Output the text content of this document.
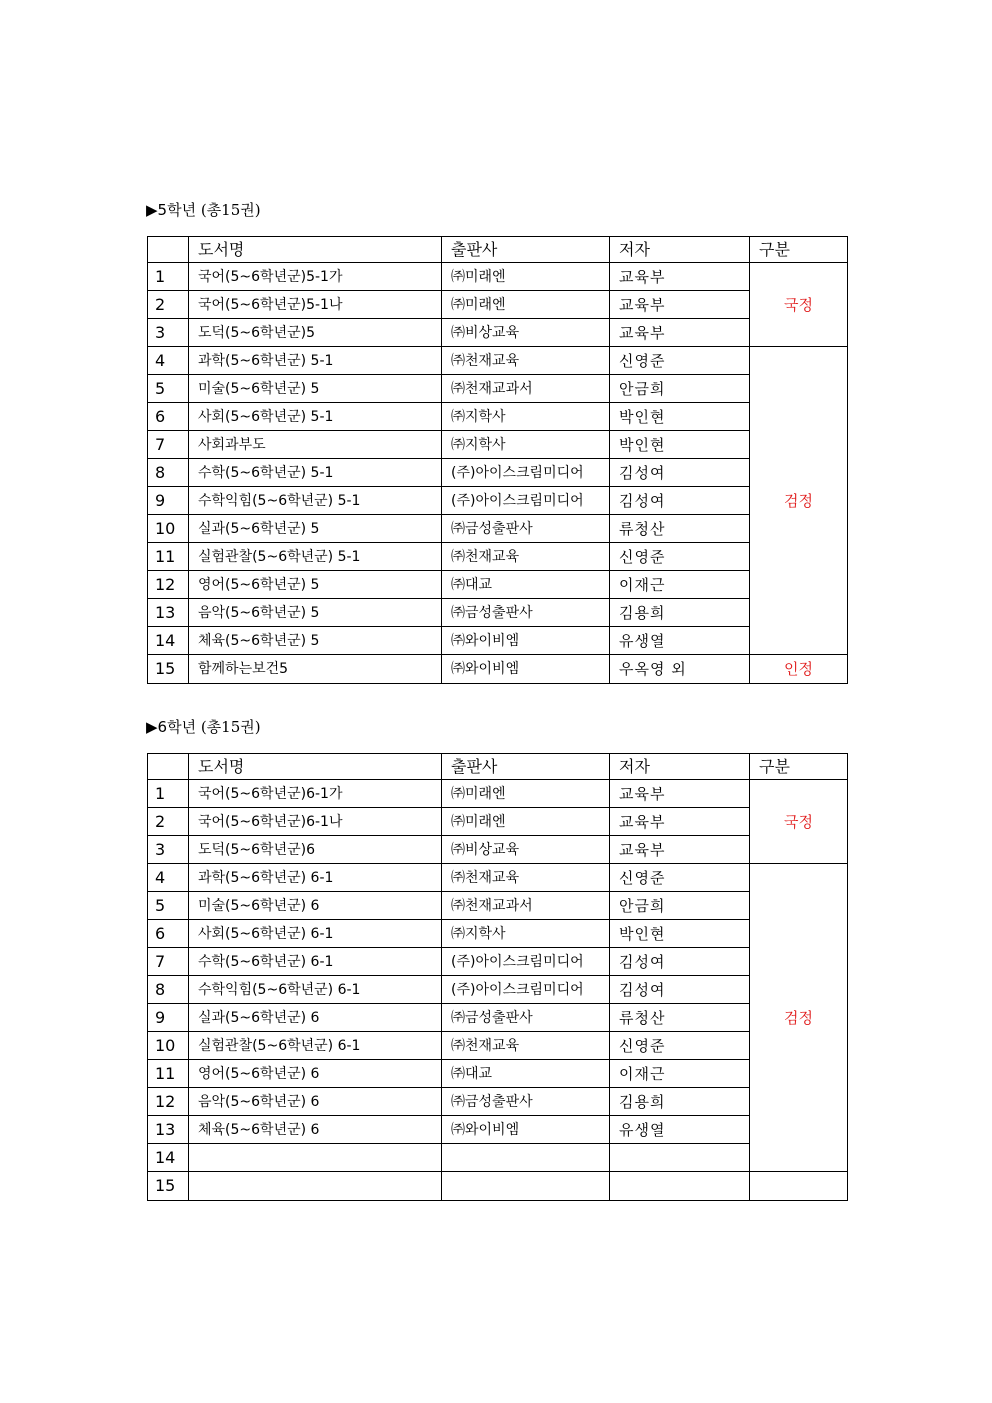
▶5학년 (총15권)
	도서명	출판사	저자	구분
1	국어(5~6학년군)5-1가	㈜미래엔	교육부	국정
2	국어(5~6학년군)5-1나	㈜미래엔	교육부	
3	도덕(5~6학년군)5	㈜비상교육	교육부	
4	과학(5~6학년군) 5-1	㈜천재교육	신영준	검정
5	미술(5~6학년군) 5	㈜천재교과서	안금희	
6	사회(5~6학년군) 5-1	㈜지학사	박인현	
7	사회과부도	㈜지학사	박인현	
8	수학(5~6학년군) 5-1	(주)아이스크림미디어	김성여	
9	수학익힘(5~6학년군) 5-1	(주)아이스크림미디어	김성여	
10	실과(5~6학년군) 5	㈜금성출판사	류청산	
11	실험관찰(5~6학년군) 5-1	㈜천재교육	신영준	
12	영어(5~6학년군) 5	㈜대교	이재근	
13	음악(5~6학년군) 5	㈜금성출판사	김용희	
14	체육(5~6학년군) 5	㈜와이비엠	유생열	
15	함께하는보건5	㈜와이비엠	우옥영 외	인정
▶6학년 (총15권)
	도서명	출판사	저자	구분
1	국어(5~6학년군)6-1가	㈜미래엔	교육부	국정
2	국어(5~6학년군)6-1나	㈜미래엔	교육부	
3	도덕(5~6학년군)6	㈜비상교육	교육부	
4	과학(5~6학년군) 6-1	㈜천재교육	신영준	검정
5	미술(5~6학년군) 6	㈜천재교과서	안금희	
6	사회(5~6학년군) 6-1	㈜지학사	박인현	
7	수학(5~6학년군) 6-1	(주)아이스크림미디어	김성여	
8	수학익힘(5~6학년군) 6-1	(주)아이스크림미디어	김성여	
9	실과(5~6학년군) 6	㈜금성출판사	류청산	
10	실험관찰(5~6학년군) 6-1	㈜천재교육	신영준	
11	영어(5~6학년군) 6	㈜대교	이재근	
12	음악(5~6학년군) 6	㈜금성출판사	김용희	
13	체육(5~6학년군) 6	㈜와이비엠	유생열	
14				
15				
